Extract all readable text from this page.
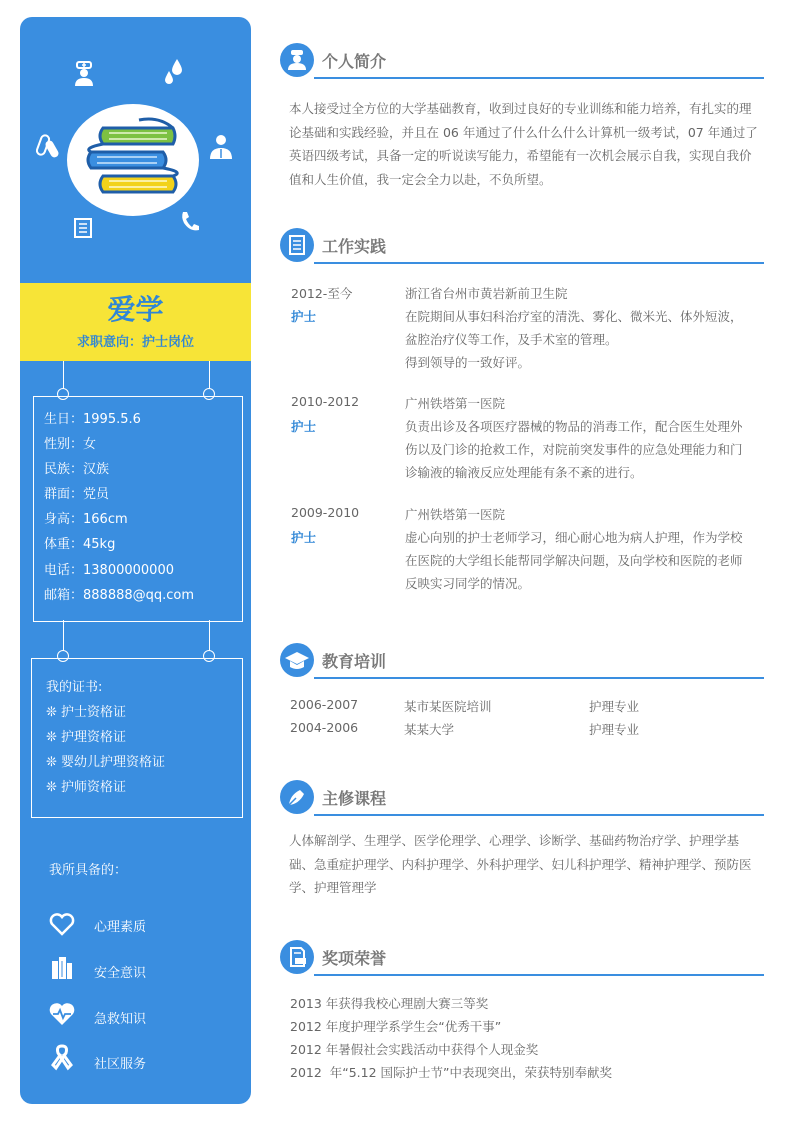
爱学
求职意向：护士岗位
生日：1995.5.6
性别：女
民族：汉族
群面：党员
身高：166cm
体重：45kg
电话：13800000000
邮箱：888888@qq.com
我的证书:
❊ 护士资格证
❊ 护理资格证
❊ 婴幼儿护理资格证
❊ 护师资格证
我所具备的：
心理素质
安全意识
急救知识
社区服务
个人简介
本人接受过全方位的大学基础教育，收到过良好的专业训练和能力培养，有扎实的理论基础和实践经验，并且在 06 年通过了什么什么什么计算机一级考试，07 年通过了英语四级考试，具备一定的听说读写能力，希望能有一次机会展示自我，实现自我价值和人生价值，我一定会全力以赴，不负所望。
工作实践
2012-至今	浙江省台州市黄岩新前卫生院
护士	在院期间从事妇科治疗室的清洗、雾化、微米光、体外短波，
盆腔治疗仪等工作，及手术室的管理。
得到领导的一致好评。
2010-2012	广州铁塔第一医院
护士	负责出诊及各项医疗器械的物品的消毒工作，配合医生处理外
伤以及门诊的抢救工作，对院前突发事件的应急处理能力和门
诊输液的输液反应处理能有条不紊的进行。
2009-2010	广州铁塔第一医院
护士	虚心向别的护士老师学习，细心耐心地为病人护理，作为学校
在医院的大学组长能帮同学解决问题，及向学校和医院的老师
反映实习同学的情况。
教育培训
2006-2007	某市某医院培训	护理专业
2004-2006	某某大学	护理专业
主修课程
人体解剖学、生理学、医学伦理学、心理学、诊断学、基础药物治疗学、护理学基础、急重症护理学、内科护理学、外科护理学、妇儿科护理学、精神护理学、预防医学、护理管理学
奖项荣誉
2013 年获得我校心理剧大赛三等奖
2012 年度护理学系学生会“优秀干事”
2012 年暑假社会实践活动中获得个人现金奖
2012  年“5.12 国际护士节”中表现突出，荣获特别奉献奖
